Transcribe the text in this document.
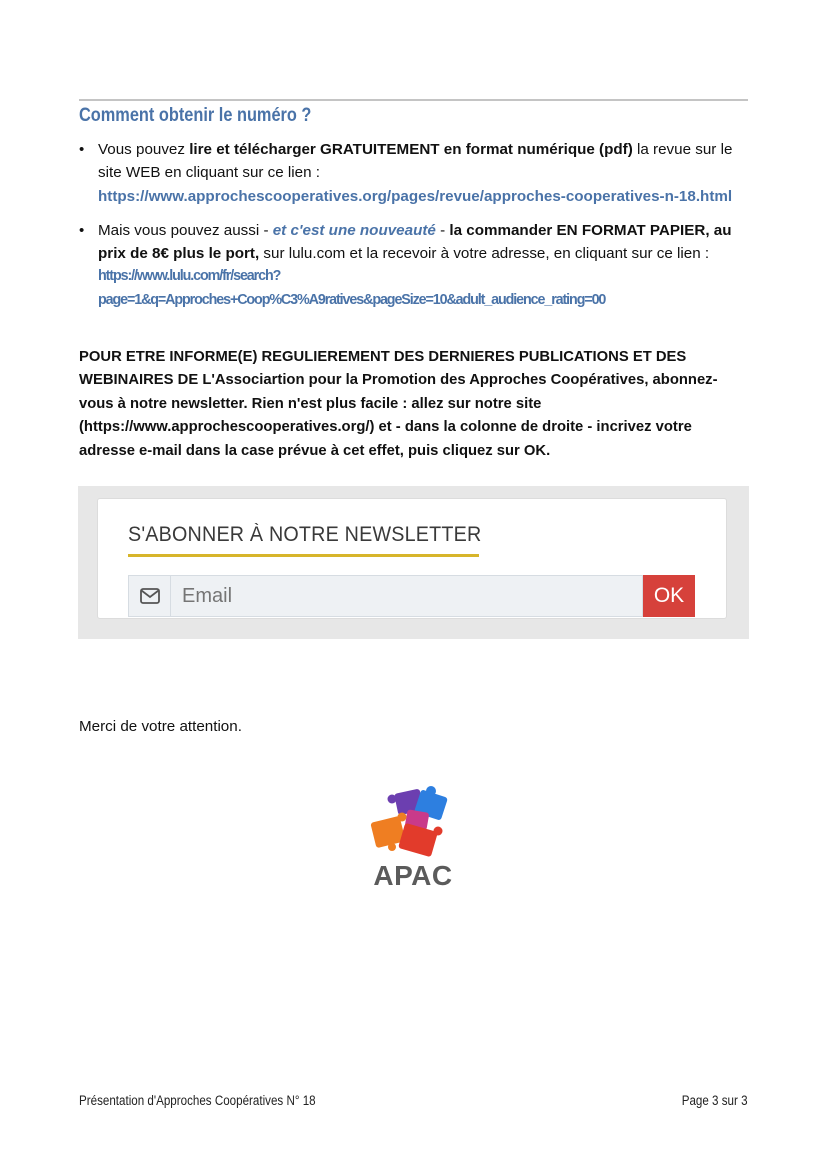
Comment obtenir le numéro ?
• Vous pouvez lire et télécharger GRATUITEMENT en format numérique (pdf) la revue sur le site WEB en cliquant sur ce lien : https://www.approchescooperatives.org/pages/revue/approches-cooperatives-n-18.html
• Mais vous pouvez aussi - et c'est une nouveauté - la commander EN FORMAT PAPIER, au prix de 8€ plus le port, sur lulu.com et la recevoir à votre adresse, en cliquant sur ce lien :
https://www.lulu.com/fr/search?
page=1&q=Approches+Coop%C3%A9ratives&pageSize=10&adult_audience_rating=00
POUR ETRE INFORME(E) REGULIEREMENT DES DERNIERES PUBLICATIONS ET DES WEBINAIRES DE L'Associartion pour la Promotion des Approches Coopératives, abonnez-vous à notre newsletter. Rien n'est plus facile : allez sur notre site (https://www.approchescooperatives.org/) et - dans la colonne de droite - incrivez votre adresse e-mail dans la case prévue à cet effet, puis cliquez sur OK.
S'ABONNER À NOTRE NEWSLETTER
Email
OK
Merci de votre attention.
APAC
Présentation d'Approches Coopératives N° 18	Page 3 sur 3
